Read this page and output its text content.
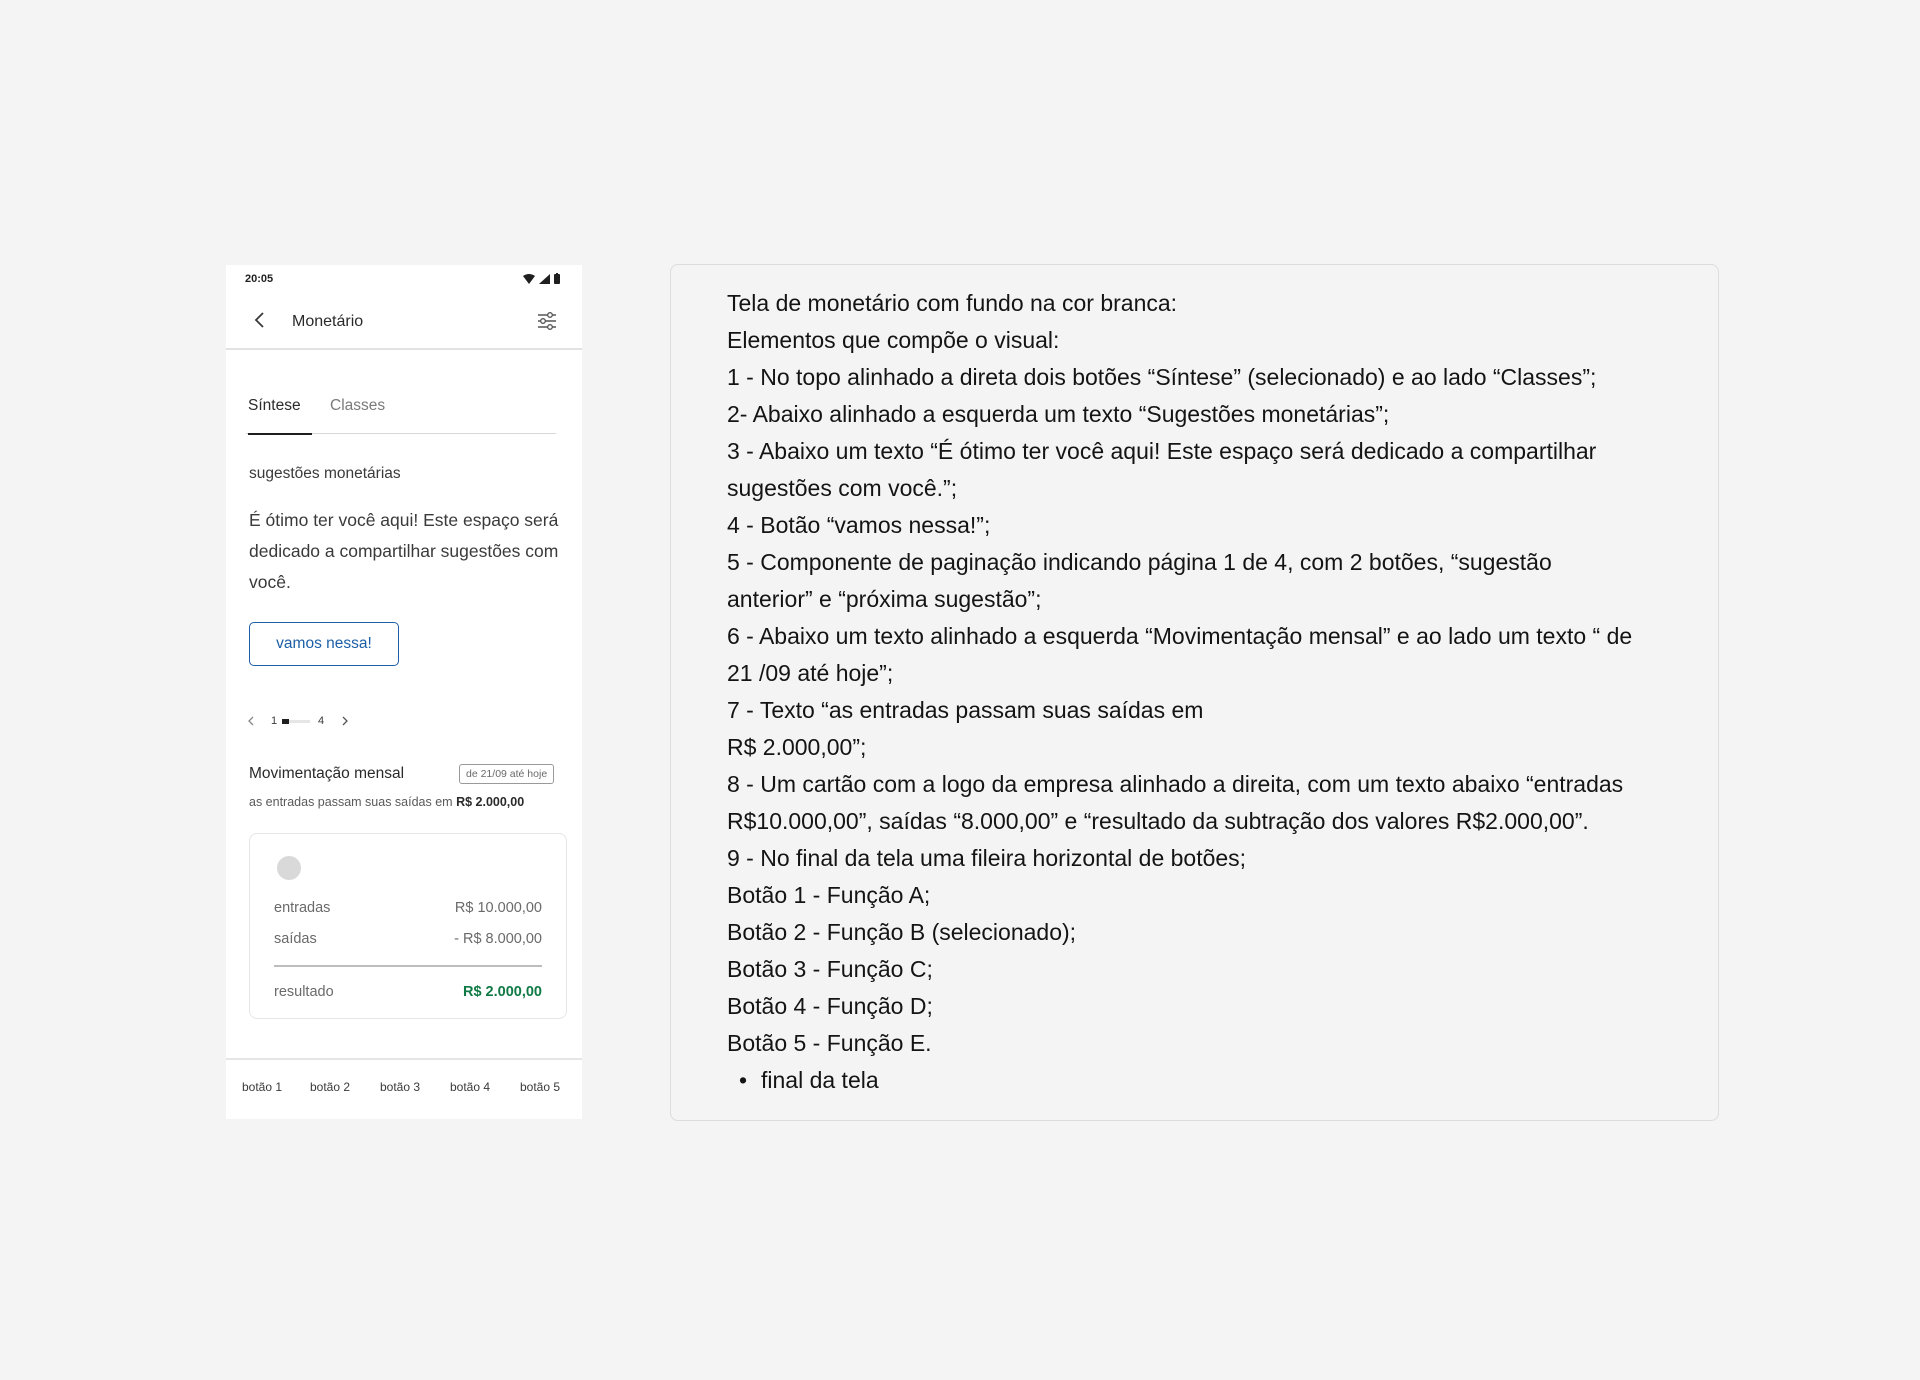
20:05
Monetário
Síntese	Classes
sugestões monetárias
É ótimo ter você aqui! Este espaço será dedicado a compartilhar sugestões com você.
vamos nessa!
1	4
Movimentação mensal	de 21/09 até hoje
as entradas passam suas saídas em R$ 2.000,00
entradas	R$ 10.000,00
saídas	- R$ 8.000,00
resultado	R$ 2.000,00
botão 1 botão 2 botão 3 botão 4 botão 5
Tela de monetário com fundo na cor branca:
Elementos que compõe o visual:
1 - No topo alinhado a direta dois botões “Síntese” (selecionado) e ao lado “Classes”;
2- Abaixo alinhado a esquerda um texto “Sugestões monetárias”;
3 - Abaixo um texto “É ótimo ter você aqui! Este espaço será dedicado a compartilhar
sugestões com você.”;
4 - Botão “vamos nessa!”;
5 - Componente de paginação indicando página 1 de 4, com 2 botões, “sugestão
anterior” e “próxima sugestão”;
6 - Abaixo um texto alinhado a esquerda “Movimentação mensal” e ao lado um texto “ de
21 /09 até hoje”;
7 - Texto “as entradas passam suas saídas em
R$ 2.000,00”;
8 - Um cartão com a logo da empresa alinhado a direita, com um texto abaixo “entradas
R$10.000,00”, saídas “8.000,00” e “resultado da subtração dos valores R$2.000,00”.
9 - No final da tela uma fileira horizontal de botões;
Botão 1 - Função A;
Botão 2 - Função B (selecionado);
Botão 3 - Função C;
Botão 4 - Função D;
Botão 5 - Função E.
• final da tela
